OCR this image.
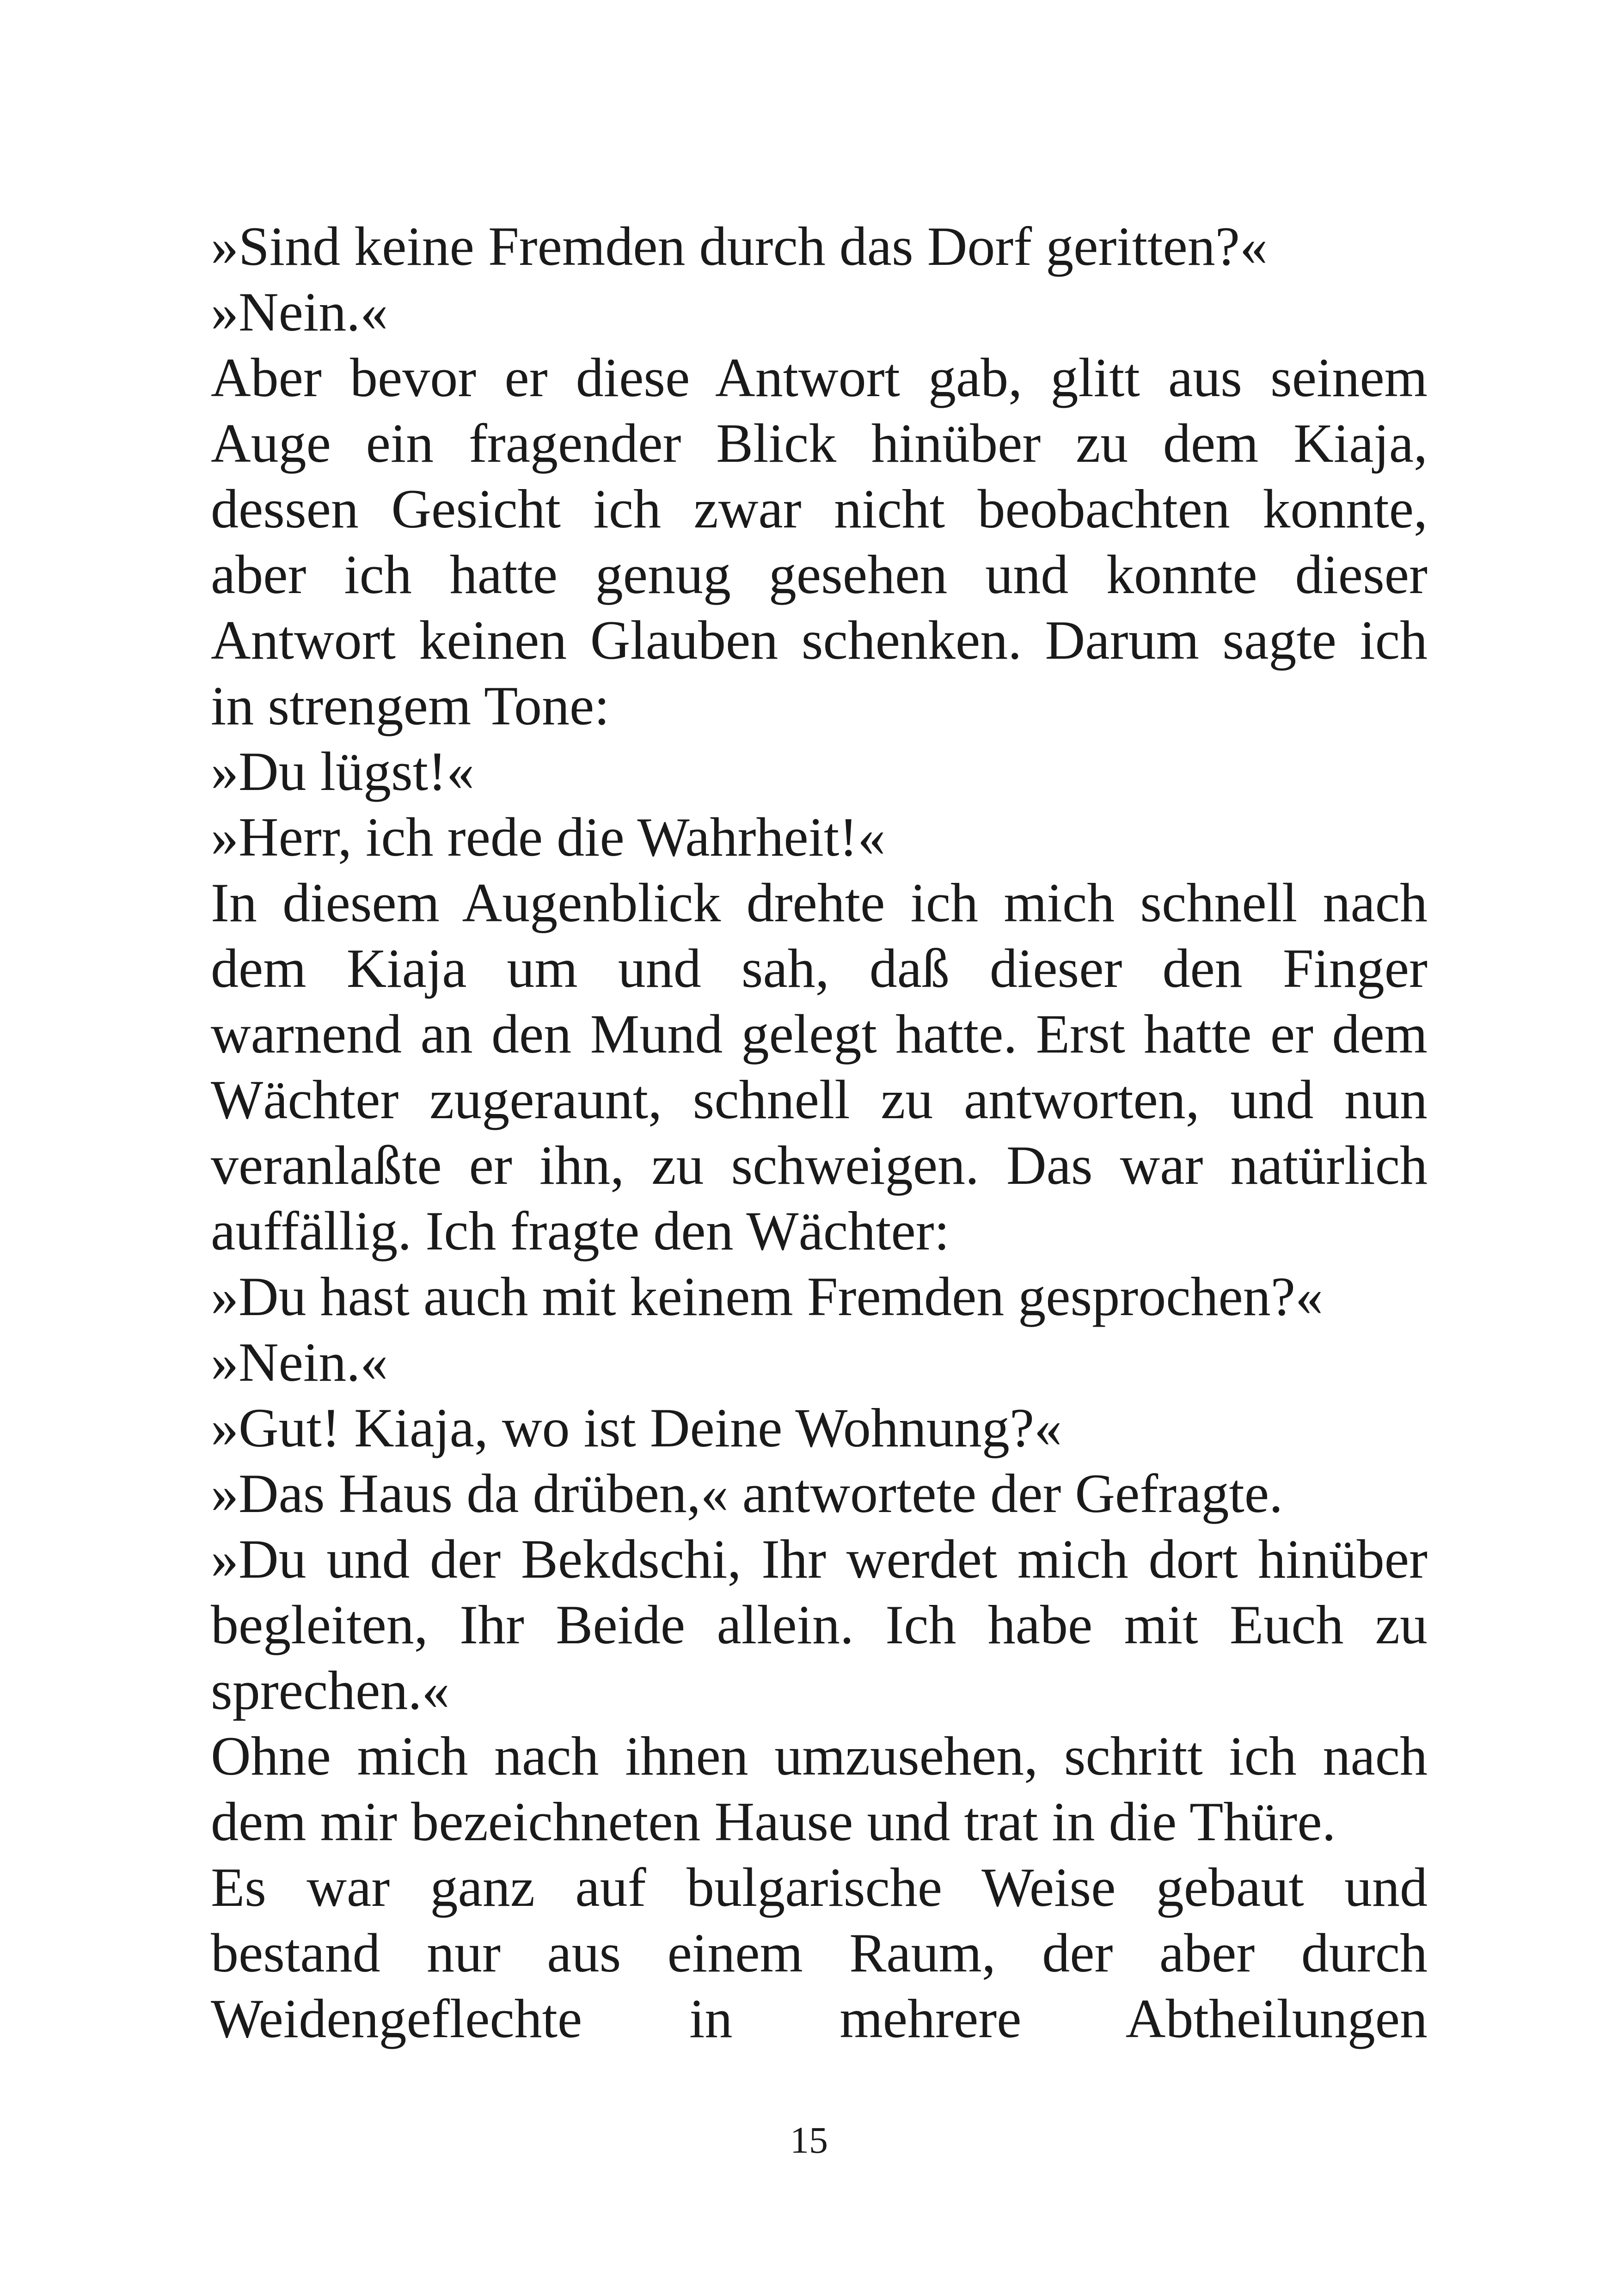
»Sind keine Fremden durch das Dorf geritten?«
»Nein.«
Aber bevor er diese Antwort gab, glitt aus seinem
Auge ein fragender Blick hinüber zu dem Kiaja,
dessen Gesicht ich zwar nicht beobachten konnte,
aber ich hatte genug gesehen und konnte dieser
Antwort keinen Glauben schenken. Darum sagte ich
in strengem Tone:
»Du lügst!«
»Herr, ich rede die Wahrheit!«
In diesem Augenblick drehte ich mich schnell nach
dem Kiaja um und sah, daß dieser den Finger
warnend an den Mund gelegt hatte. Erst hatte er dem
Wächter zugeraunt, schnell zu antworten, und nun
veranlaßte er ihn, zu schweigen. Das war natürlich
auffällig. Ich fragte den Wächter:
»Du hast auch mit keinem Fremden gesprochen?«
»Nein.«
»Gut! Kiaja, wo ist Deine Wohnung?«
»Das Haus da drüben,« antwortete der Gefragte.
»Du und der Bekdschi, Ihr werdet mich dort hinüber
begleiten, Ihr Beide allein. Ich habe mit Euch zu
sprechen.«
Ohne mich nach ihnen umzusehen, schritt ich nach
dem mir bezeichneten Hause und trat in die Thüre.
Es war ganz auf bulgarische Weise gebaut und
bestand nur aus einem Raum, der aber durch
Weidengeflechte in mehrere Abtheilungen
15
